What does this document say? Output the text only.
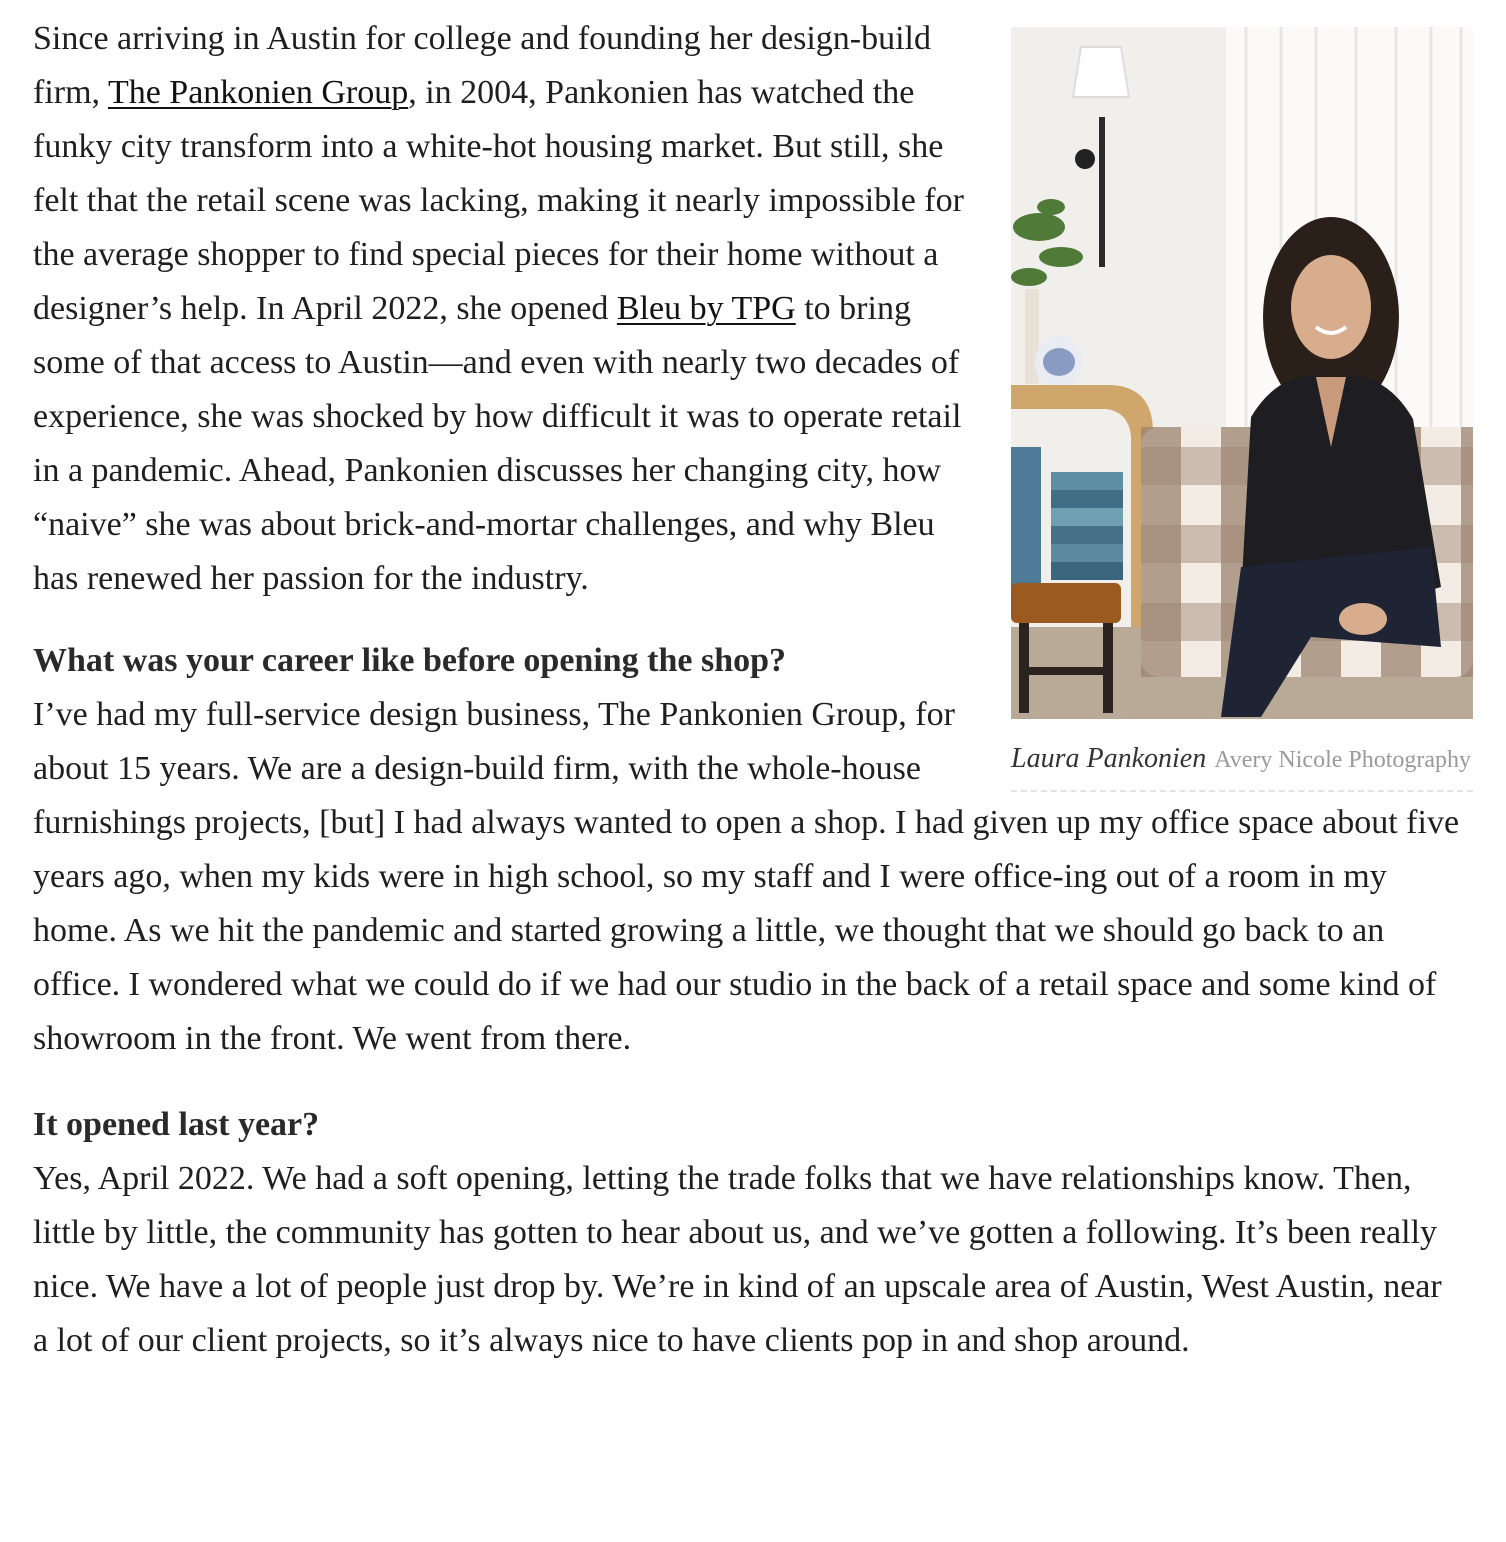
Laura Pankonien Avery Nicole Photography

Since arriving in Austin for college and founding her design-build firm, The Pankonien Group, in 2004, Pankonien has watched the funky city transform into a white-hot housing market. But still, she felt that the retail scene was lacking, making it nearly impossible for the average shopper to find special pieces for their home without a designer’s help. In April 2022, she opened Bleu by TPG to bring some of that access to Austin—and even with nearly two decades of experience, she was shocked by how difficult it was to operate retail in a pandemic. Ahead, Pankonien discusses her changing city, how “naive” she was about brick-and-mortar challenges, and why Bleu has renewed her passion for the industry.

What was your career like before opening the shop?

I’ve had my full-service design business, The Pankonien Group, for about 15 years. We are a design-build firm, with the whole-house furnishings projects, [but] I had always wanted to open a shop. I had given up my office space about five years ago, when my kids were in high school, so my staff and I were office-ing out of a room in my home. As we hit the pandemic and started growing a little, we thought that we should go back to an office. I wondered what we could do if we had our studio in the back of a retail space and some kind of showroom in the front. We went from there.

It opened last year?

Yes, April 2022. We had a soft opening, letting the trade folks that we have relationships know. Then, little by little, the community has gotten to hear about us, and we’ve gotten a following. It’s been really nice. We have a lot of people just drop by. We’re in kind of an upscale area of Austin, West Austin, near a lot of our client projects, so it’s always nice to have clients pop in and shop around.
